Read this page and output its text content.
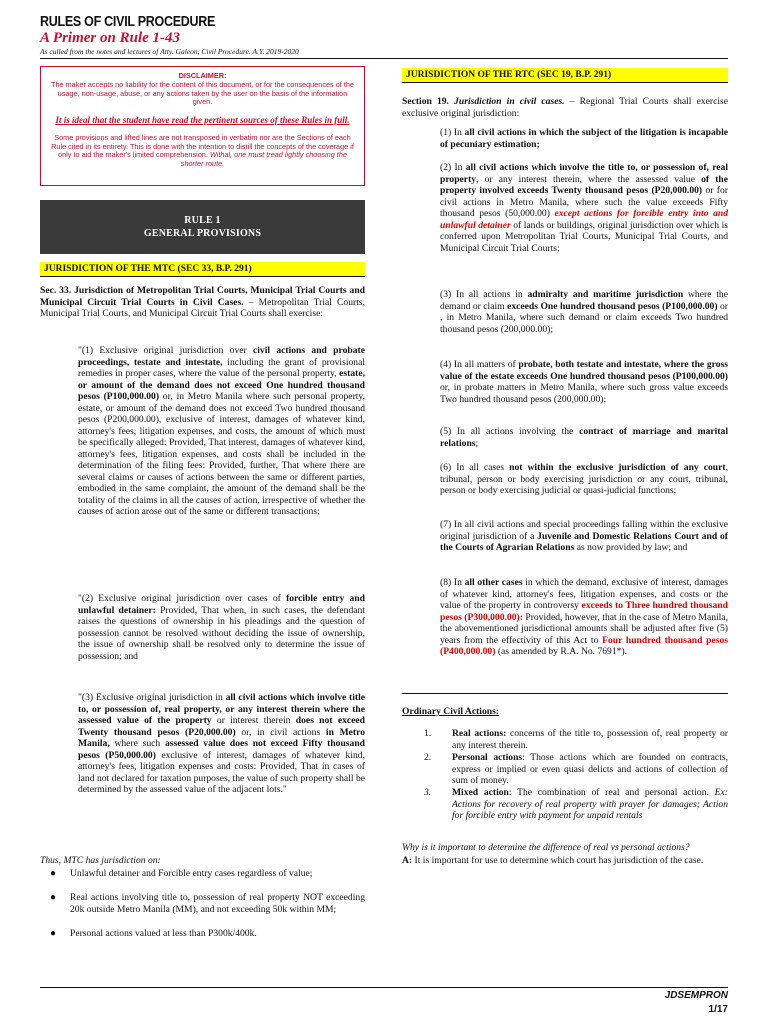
RULES OF CIVIL PROCEDURE
A Primer on Rule 1-43
As culled from the notes and lectures of Atty. Galeon, Civil Procedure. A.Y. 2019-2020
DISCLAIMER:
The maker accepts no liability for the content of this document, or for the consequences of the usage, non-usage, abuse, or any actions taken by the user on the basis of the information given.
It is ideal that the student have read the pertinent sources of these Rules in full.
Some provisions and lifted lines are not transposed in verbatim nor are the Sections of each Rule cited in its entirety. This is done with the intention to distill the concepts of the coverage if only to aid the maker's limited comprehension. Withal, one must tread lightly choosing the shorter route.
RULE 1
GENERAL PROVISIONS
JURISDICTION OF THE MTC (SEC 33, B.P. 291)
Sec. 33. Jurisdiction of Metropolitan Trial Courts, Municipal Trial Courts and Municipal Circuit Trial Courts in Civil Cases. – Metropolitan Trial Courts, Municipal Trial Courts, and Municipal Circuit Trial Courts shall exercise:
"(1) Exclusive original jurisdiction over civil actions and probate proceedings, testate and intestate, including the grant of provisional remedies in proper cases, where the value of the personal property, estate, or amount of the demand does not exceed One hundred thousand pesos (P100,000.00) or, in Metro Manila where such personal property, estate, or amount of the demand does not exceed Two hundred thousand pesos (P200,000.00), exclusive of interest, damages of whatever kind, attorney's fees, litigation expenses, and costs, the amount of which must be specifically alleged: Provided, That interest, damages of whatever kind, attorney's fees, litigation expenses, and costs shall be included in the determination of the filing fees: Provided, further, That where there are several claims or causes of actions between the same or different parties, embodied in the same complaint, the amount of the demand shall be the totality of the claims in all the causes of action, irrespective of whether the causes of action arose out of the same or different transactions;
"(2) Exclusive original jurisdiction over cases of forcible entry and unlawful detainer: Provided, That when, in such cases, the defendant raises the questions of ownership in his pleadings and the question of possession cannot be resolved without deciding the issue of ownership, the issue of ownership shall be resolved only to determine the issue of possession; and
"(3) Exclusive original jurisdiction in all civil actions which involve title to, or possession of, real property, or any interest therein where the assessed value of the property or interest therein does not exceed Twenty thousand pesos (P20,000.00) or, in civil actions in Metro Manila, where such assessed value does not exceed Fifty thousand pesos (P50,000.00) exclusive of interest, damages of whatever kind, attorney's fees, litigation expenses and costs: Provided, That in cases of land not declared for taxation purposes, the value of such property shall be determined by the assessed value of the adjacent lots."
Thus, MTC has jurisdiction on:
● Unlawful detainer and Forcible entry cases regardless of value;
● Real actions involving title to, possession of real property NOT exceeding 20k outside Metro Manila (MM), and not exceeding 50k within MM;
● Personal actions valued at less than P300k/400k.
JURISDICTION OF THE RTC (SEC 19, B.P. 291)
Section 19. Jurisdiction in civil cases. – Regional Trial Courts shall exercise exclusive original jurisdiction:
(1) In all civil actions in which the subject of the litigation is incapable of pecuniary estimation;
(2) In all civil actions which involve the title to, or possession of, real property, or any interest therein, where the assessed value of the property involved exceeds Twenty thousand pesos (P20,000.00) or for civil actions in Metro Manila, where such the value exceeds Fifty thousand pesos (50,000.00) except actions for forcible entry into and unlawful detainer of lands or buildings, original jurisdiction over which is conferred upon Metropolitan Trial Courts, Municipal Trial Courts, and Municipal Circuit Trial Courts;
(3) In all actions in admiralty and maritime jurisdiction where the demand or claim exceeds One hundred thousand pesos (P100,000.00) or , in Metro Manila, where such demand or claim exceeds Two hundred thousand pesos (200,000.00);
(4) In all matters of probate, both testate and intestate, where the gross value of the estate exceeds One hundred thousand pesos (P100,000.00) or, in probate matters in Metro Manila, where such gross value exceeds Two hundred thousand pesos (200,000.00);
(5) In all actions involving the contract of marriage and marital relations;
(6) In all cases not within the exclusive jurisdiction of any court, tribunal, person or body exercising jurisdiction or any court, tribunal, person or body exercising judicial or quasi-judicial functions;
(7) In all civil actions and special proceedings falling within the exclusive original jurisdiction of a Juvenile and Domestic Relations Court and of the Courts of Agrarian Relations as now provided by law; and
(8) In all other cases in which the demand, exclusive of interest, damages of whatever kind, attorney's fees, litigation expenses, and costs or the value of the property in controversy exceeds to Three hundred thousand pesos (P300,000.00): Provided, however, that in the case of Metro Manila, the abovementioned jurisdictional amounts shall be adjusted after five (5) years from the effectivity of this Act to Four hundred thousand pesos (P400,000.00) (as amended by R.A. No. 7691*).
Ordinary Civil Actions:
1. Real actions: concerns of the title to, possession of, real property or any interest therein.
2. Personal actions: Those actions which are founded on contracts, express or implied or even quasi delicts and actions of collection of sum of money.
3. Mixed action: The combination of real and personal action. Ex: Actions for recovery of real property with prayer for damages; Action for forcible entry with payment for unpaid rentals
Why is it important to determine the difference of real vs personal actions?
A: It is important for use to determine which court has jurisdiction of the case.
JDSEMPRON
1/17
